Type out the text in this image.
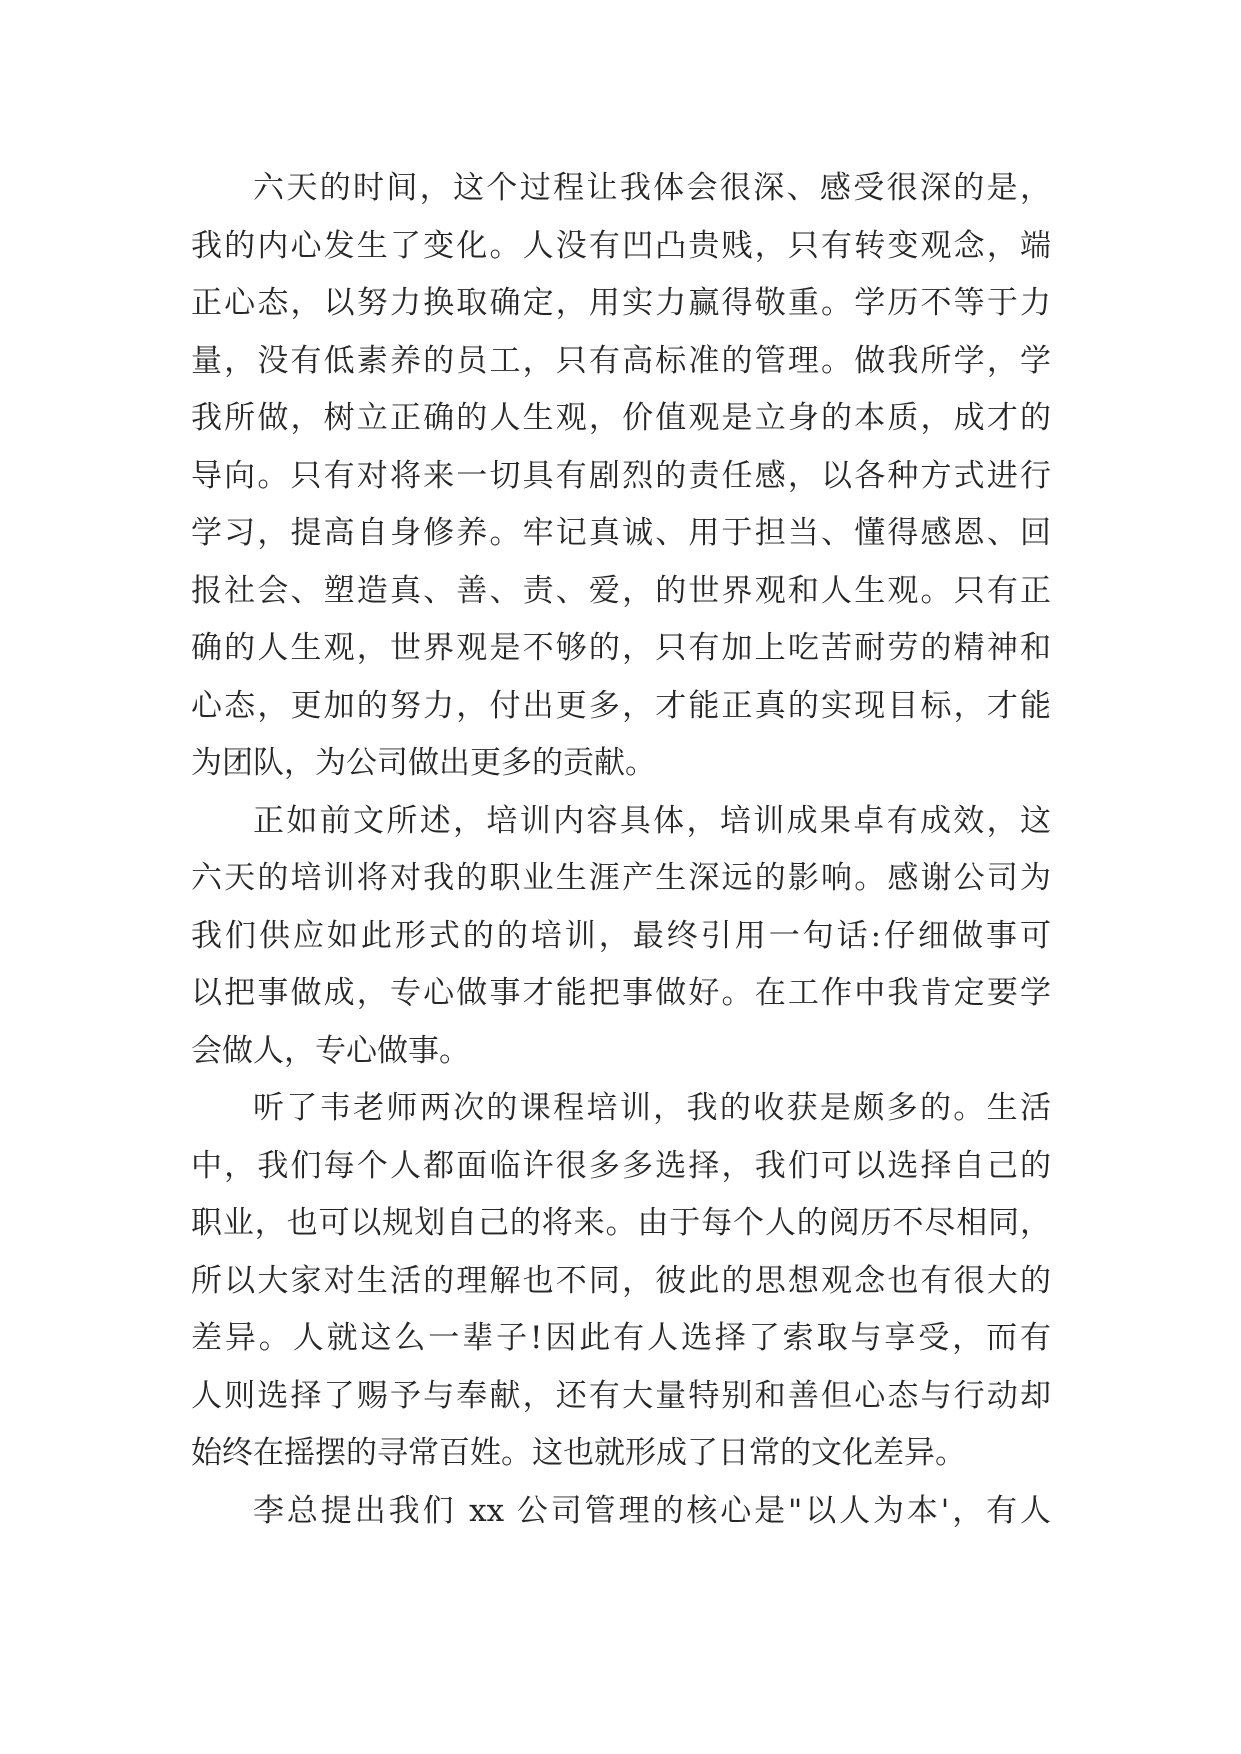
六天的时间，这个过程让我体会很深、感受很深的是，
我的内心发生了变化。人没有凹凸贵贱，只有转变观念，端
正心态，以努力换取确定，用实力赢得敬重。学历不等于力
量，没有低素养的员工，只有高标准的管理。做我所学，学
我所做，树立正确的人生观，价值观是立身的本质，成才的
导向。只有对将来一切具有剧烈的责任感，以各种方式进行
学习，提高自身修养。牢记真诚、用于担当、懂得感恩、回
报社会、塑造真、善、责、爱，的世界观和人生观。只有正
确的人生观，世界观是不够的，只有加上吃苦耐劳的精神和
心态，更加的努力，付出更多，才能正真的实现目标，才能
为团队，为公司做出更多的贡献。

正如前文所述，培训内容具体，培训成果卓有成效，这
六天的培训将对我的职业生涯产生深远的影响。感谢公司为
我们供应如此形式的的培训，最终引用一句话:仔细做事可
以把事做成，专心做事才能把事做好。在工作中我肯定要学
会做人，专心做事。

听了韦老师两次的课程培训，我的收获是颇多的。生活
中，我们每个人都面临许很多多选择，我们可以选择自己的
职业，也可以规划自己的将来。由于每个人的阅历不尽相同，
所以大家对生活的理解也不同，彼此的思想观念也有很大的
差异。人就这么一辈子!因此有人选择了索取与享受，而有
人则选择了赐予与奉献，还有大量特别和善但心态与行动却
始终在摇摆的寻常百姓。这也就形成了日常的文化差异。

李总提出我们 xx 公司管理的核心是"以人为本'，有人
